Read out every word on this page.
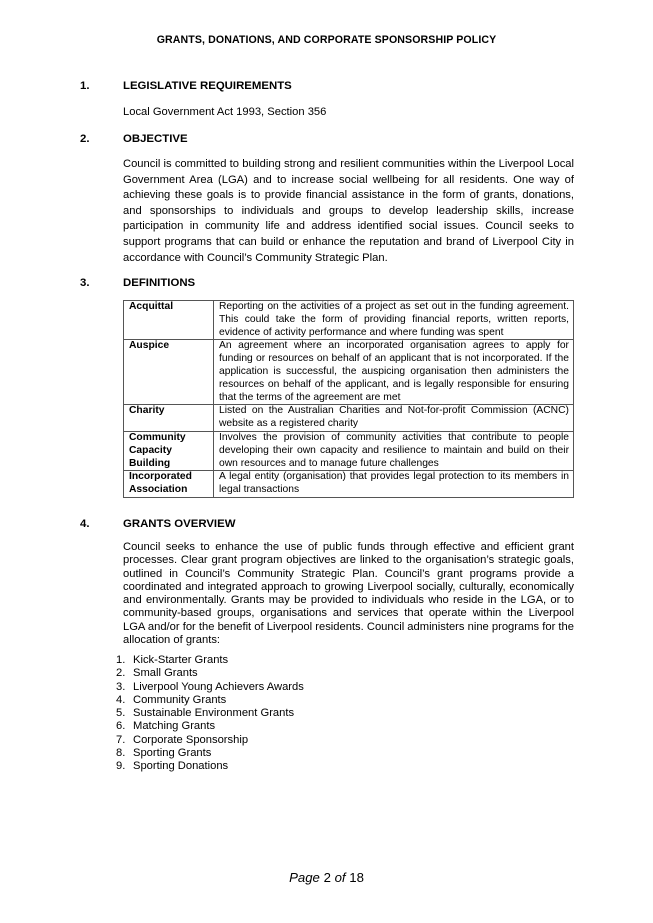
GRANTS, DONATIONS, AND CORPORATE SPONSORSHIP POLICY
1.	LEGISLATIVE REQUIREMENTS
Local Government Act 1993, Section 356
2.	OBJECTIVE
Council is committed to building strong and resilient communities within the Liverpool Local Government Area (LGA) and to increase social wellbeing for all residents. One way of achieving these goals is to provide financial assistance in the form of grants, donations, and sponsorships to individuals and groups to develop leadership skills, increase participation in community life and address identified social issues. Council seeks to support programs that can build or enhance the reputation and brand of Liverpool City in accordance with Council’s Community Strategic Plan.
3.	DEFINITIONS
Acquittal	Reporting on the activities of a project as set out in the funding agreement. This could take the form of providing financial reports, written reports, evidence of activity performance and where funding was spent
Auspice	An agreement where an incorporated organisation agrees to apply for funding or resources on behalf of an applicant that is not incorporated. If the application is successful, the auspicing organisation then administers the resources on behalf of the applicant, and is legally responsible for ensuring that the terms of the agreement are met
Charity	Listed on the Australian Charities and Not-for-profit Commission (ACNC) website as a registered charity
Community Capacity Building	Involves the provision of community activities that contribute to people developing their own capacity and resilience to maintain and build on their own resources and to manage future challenges
Incorporated Association	A legal entity (organisation) that provides legal protection to its members in legal transactions
4.	GRANTS OVERVIEW
Council seeks to enhance the use of public funds through effective and efficient grant processes. Clear grant program objectives are linked to the organisation’s strategic goals, outlined in Council’s Community Strategic Plan. Council’s grant programs provide a coordinated and integrated approach to growing Liverpool socially, culturally, economically and environmentally. Grants may be provided to individuals who reside in the LGA, or to community-based groups, organisations and services that operate within the Liverpool LGA and/or for the benefit of Liverpool residents. Council administers nine programs for the allocation of grants:
1. Kick-Starter Grants
2. Small Grants
3. Liverpool Young Achievers Awards
4. Community Grants
5. Sustainable Environment Grants
6. Matching Grants
7. Corporate Sponsorship
8. Sporting Grants
9. Sporting Donations
Page 2 of 18
